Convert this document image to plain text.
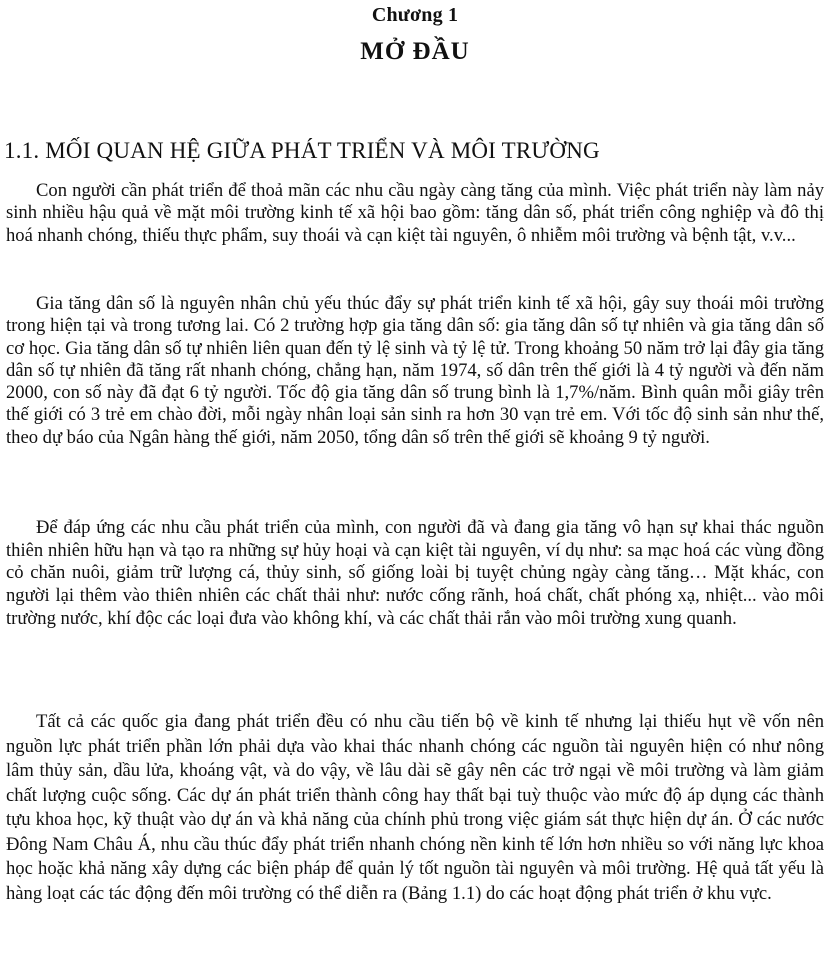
Chương 1
MỞ ĐẦU
1.1. MỐI QUAN HỆ GIỮA PHÁT TRIỂN VÀ MÔI TRƯỜNG

Con người cần phát triển để thoả mãn các nhu cầu ngày càng tăng của mình. Việc phát triển này làm nảy sinh nhiều hậu quả về mặt môi trường kinh tế xã hội bao gồm: tăng dân số, phát triển công nghiệp và đô thị hoá nhanh chóng, thiếu thực phẩm, suy thoái và cạn kiệt tài nguyên, ô nhiễm môi trường và bệnh tật, v.v...

Gia tăng dân số là nguyên nhân chủ yếu thúc đẩy sự phát triển kinh tế xã hội, gây suy thoái môi trường trong hiện tại và trong tương lai. Có 2 trường hợp gia tăng dân số: gia tăng dân số tự nhiên và gia tăng dân số cơ học. Gia tăng dân số tự nhiên liên quan đến tỷ lệ sinh và tỷ lệ tử. Trong khoảng 50 năm trở lại đây gia tăng dân số tự nhiên đã tăng rất nhanh chóng, chẳng hạn, năm 1974, số dân trên thế giới là 4 tỷ người và đến năm 2000, con số này đã đạt 6 tỷ người. Tốc độ gia tăng dân số trung bình là 1,7%/năm. Bình quân mỗi giây trên thế giới có 3 trẻ em chào đời, mỗi ngày nhân loại sản sinh ra hơn 30 vạn trẻ em. Với tốc độ sinh sản như thế, theo dự báo của Ngân hàng thế giới, năm 2050, tổng dân số trên thế giới sẽ khoảng 9 tỷ người.

Để đáp ứng các nhu cầu phát triển của mình, con người đã và đang gia tăng vô hạn sự khai thác nguồn thiên nhiên hữu hạn và tạo ra những sự hủy hoại và cạn kiệt tài nguyên, ví dụ như: sa mạc hoá các vùng đồng cỏ chăn nuôi, giảm trữ lượng cá, thủy sinh, số giống loài bị tuyệt chủng ngày càng tăng… Mặt khác, con người lại thêm vào thiên nhiên các chất thải như: nước cống rãnh, hoá chất, chất phóng xạ, nhiệt... vào môi trường nước, khí độc các loại đưa vào không khí, và các chất thải rắn vào môi trường xung quanh.

Tất cả các quốc gia đang phát triển đều có nhu cầu tiến bộ về kinh tế nhưng lại thiếu hụt về vốn nên nguồn lực phát triển phần lớn phải dựa vào khai thác nhanh chóng các nguồn tài nguyên hiện có như nông lâm thủy sản, dầu lửa, khoáng vật, và do vậy, về lâu dài sẽ gây nên các trở ngại về môi trường và làm giảm chất lượng cuộc sống. Các dự án phát triển thành công hay thất bại tuỳ thuộc vào mức độ áp dụng các thành tựu khoa học, kỹ thuật vào dự án và khả năng của chính phủ trong việc giám sát thực hiện dự án. Ở các nước Đông Nam Châu Á, nhu cầu thúc đẩy phát triển nhanh chóng nền kinh tế lớn hơn nhiều so với năng lực khoa học hoặc khả năng xây dựng các biện pháp để quản lý tốt nguồn tài nguyên và môi trường. Hệ quả tất yếu là hàng loạt các tác động đến môi trường có thể diễn ra (Bảng 1.1) do các hoạt động phát triển ở khu vực.
